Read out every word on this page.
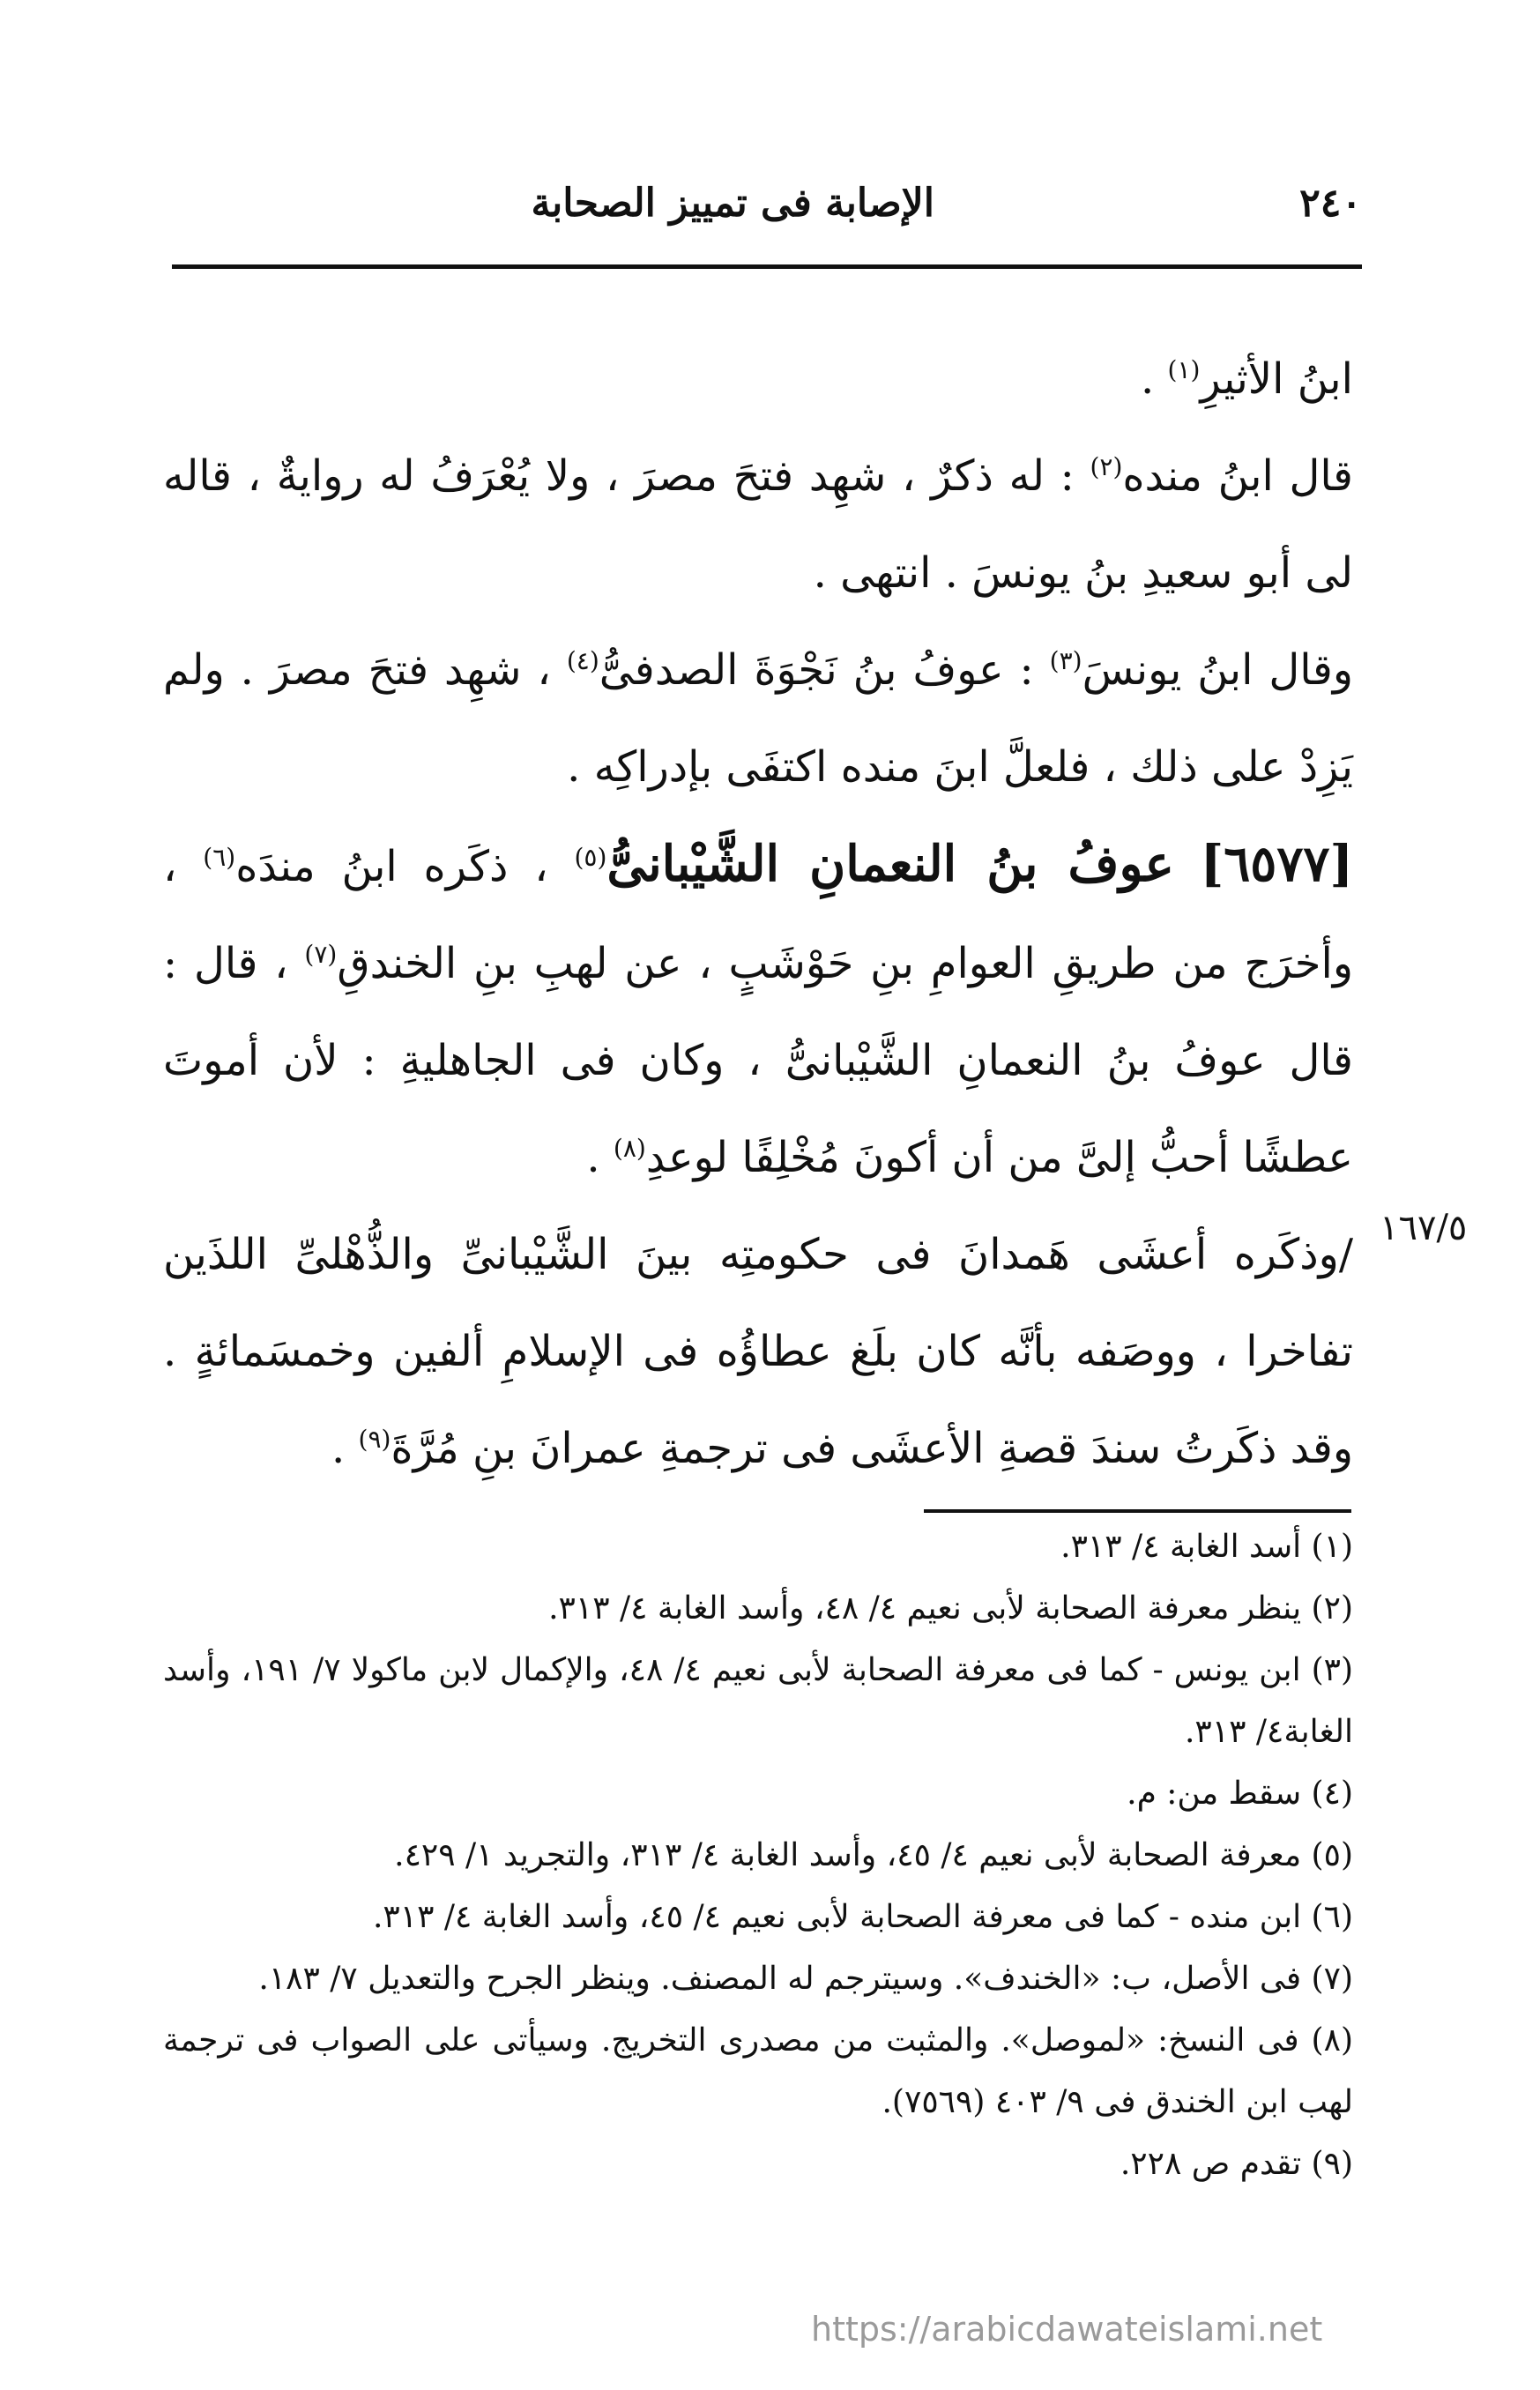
٢٤٠
الإصابة فى تمييز الصحابة

ابنُ الأثيرِ$^{(١)}$ .

قال ابنُ منده$^{(٢)}$ : له ذكرٌ ، شهِد فتحَ مصرَ ، ولا يُعْرَفُ له روايةٌ ، قاله لى أبو سعيدِ بنُ يونسَ . انتهى .

وقال ابنُ يونسَ$^{(٣)}$ : عوفُ بنُ نَجْوَةَ الصدفىُّ$^{(٤)}$ ، شهِد فتحَ مصرَ . ولم يَزِدْ على ذلك ، فلعلَّ ابنَ منده اكتفَى بإدراكِه .

[٦٥٧٧] عوفُ بنُ النعمانِ الشَّيْبانىُّ$^{(٥)}$ ، ذكَره ابنُ مندَه$^{(٦)}$ ، وأخرَج من طريقِ العوامِ بنِ حَوْشَبٍ ، عن لهبِ بنِ الخندقِ$^{(٧)}$ ، قال : قال عوفُ بنُ النعمانِ الشَّيْبانىُّ ، وكان فى الجاهليةِ : لأن أموتَ عطشًا أحبُّ إلىَّ من أن أكونَ مُخْلِفًا لوعدِ$^{(٨)}$ .

/وذكَره أعشَى هَمدانَ فى حكومتِه بينَ الشَّيْبانىِّ والذُّهْلىِّ اللذَين تفاخرا ، ووصَفه بأنَّه كان بلَغ عطاؤُه فى الإسلامِ ألفين وخمسَمائةٍ . وقد ذكَرتُ سندَ قصةِ الأعشَى فى ترجمةِ عمرانَ بنِ مُرَّةَ$^{(٩)}$ .

١٦٧/٥

(١) أسد الغابة ٤/ ٣١٣.

(٢) ينظر معرفة الصحابة لأبى نعيم ٤/ ٤٨، وأسد الغابة ٤/ ٣١٣.

(٣) ابن يونس - كما فى معرفة الصحابة لأبى نعيم ٤/ ٤٨، والإكمال لابن ماكولا ٧/ ١٩١، وأسد الغابة٤/ ٣١٣.

(٤) سقط من: م.

(٥) معرفة الصحابة لأبى نعيم ٤/ ٤٥، وأسد الغابة ٤/ ٣١٣، والتجريد ١/ ٤٢٩.

(٦) ابن منده - كما فى معرفة الصحابة لأبى نعيم ٤/ ٤٥، وأسد الغابة ٤/ ٣١٣.

(٧) فى الأصل، ب: «الخندف». وسيترجم له المصنف. وينظر الجرح والتعديل ٧/ ١٨٣.

(٨) فى النسخ: «لموصل». والمثبت من مصدرى التخريج. وسيأتى على الصواب فى ترجمة لهب ابن الخندق فى ٩/ ٤٠٣ (٧٥٦٩).

(٩) تقدم ص ٢٢٨.

https://arabicdawateislami.net
